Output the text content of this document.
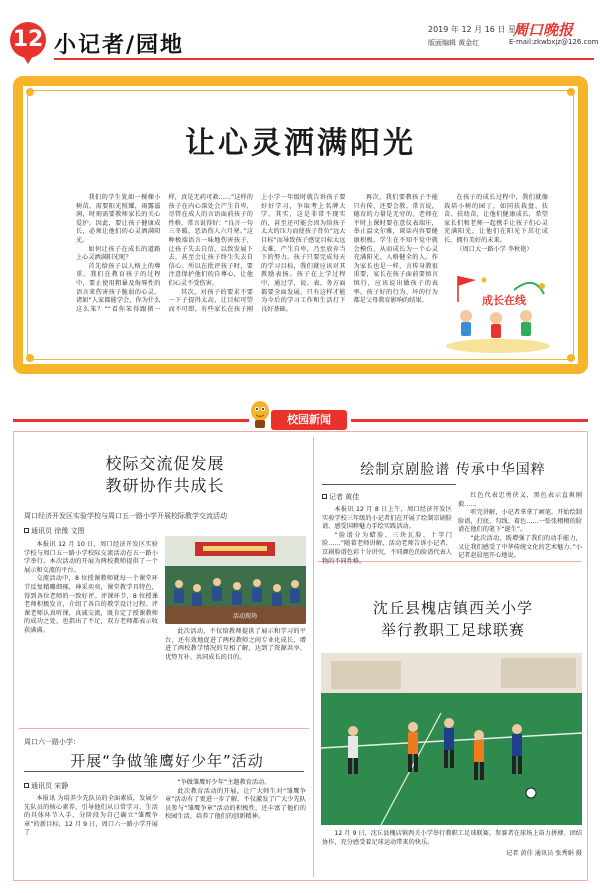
12 小记者/园地
2019 年 12 月 16 日 星期一
周口晚报
版面编辑 黄金红	E-mail:zkwbxjz@126.com
让心灵洒满阳光

我们的学生犹如一棵棵小树苗，需要阳光照耀，雨露滋润，时刻需要教师家长的关心爱护。因此，要让孩子健康成长，必须让他们的心灵洒满阳光。

如何让孩子在成长的道路上心灵洒满阳光呢？

首先给孩子以人格上的尊重。我们在教育孩子的过程中，要止使用粗暴及侮辱性的语言来伤害孩子脆弱的心灵。诸如“人家都能学会，你为什么这么笨？”“看你笨得跟猪一样，真是无药可救……”这样的孩子在内心深处会产生自卑，尽管在成人的言语面前孩子的性格，常言说得好：“良言一句三冬暖，恶语伤人六月寒。”这种极端语言一味地伤害孩子，让孩子失去自信，以致发展下去，甚至会让孩子终生失去自信心。所以在批评孩子时，要注意保护他们的自尊心，让他们心灵不受伤害。

其次，对孩子的要求不要一下子提得太高，让目标可望而不可即。有些家长在孩子刚上小学一年级时就告诉孩子要好好学习，争取考上名牌大学。其实，这是非常不现实的，甚至还可能会因为给孩子太大的压力而使孩子背负“远大目标”而导致孩子感觉目标太远太难，产生自卑，乃至放弃当下的努力。孩子只要完成每天的学习目标，我们就应该对其教励表扬。孩子在上学过程中，通过学，说、表、务方面都要全面发展。只有这样才能为今后的学习工作和生活打下良好基础。

再次，我们要教孩子不能只有传，还要会教。常言说，德育的力量是无穷的。老师在平时上课时要在意仪表端庄，举止温文尔雅，谈话内容要健康积极。学生在不知不觉中就会模仿，从而成长为一个心灵充满阳光、人格健全的人。作为家长也是一样，言传身教很重要，家长在孩子面前要慎言慎行，应该说出做孩子的表率。孩子好的行为、坏的行为都是父母教育影响的结果。

在孩子的成长过程中，我们就像栽培小树的园丁，如同扶栽盘、扶苗、扶幼苗，让他们健康成长，希望家长们和老师一起携手让孩子们心灵充满阳光，让他们在阳光下茁壮成长，拥有美好的未来。

（周口大一路小学 李秋艳）

成长在线
校园新闻
校际交流促发展
教研协作共成长
周口经济开发区实验学校与周口五一路小学开展校际教学交流活动
通讯员 徐豫 文图

本报讯 12 月 10 日，周口经济开发区实验学校与周口五一路小学校际交流活动在五一路小学举行。本次活动的开展为两校教师提供了一个展示和交流的平台。

交流活动中，8 位授课教师就每一个课堂环节反复精雕细琢，神采奕奕，课堂教学具特色，得到各位老师的一致好评。评课环节，8 位授课老师积极发言，介绍了各自的教学设计过程。评课老师认真听课，真诚交流，既肯定了授课教师的成功之处，也指出了不足，双方老师都表示收获满满。

活动现场

此次活动，不仅给教师提供了展示和学习的平台，还有效地促进了两校教师之间专业化成长，增进了两校教学情况的互相了解，达到了资源共享、优势互补、共同成长的目的。

周口六一路小学：
开展“争做雏鹰好少年”活动
通讯员 宋静

本报讯 为培养少先队员的全面素质，发展少先队员的核心素养，引导他们从日常学习、生活的具体环节入手，分阶段为自己确立“雏鹰争章”的新目标，12 月 9 日，周口六一路小学开展了

“争做雏鹰好少年”主题教育活动。

此次教育活动的开展，让广大师生对“雏鹰争章”活动有了更进一步了解，不仅激发了广大少先队员参与“雏鹰争章”活动的积极性，还丰富了他们的校园生活，培养了他们的创新精神。

绘制京剧脸谱 传承中华国粹
记者 黄佳

本报讯 12 月 8 日上午，周口经济开发区实验学校三年级的小记者们在开展了绘制京剧脸谱、感受国粹魅力手绘实践活动。

“脸谱分为蜡脸、三块瓦脸、十字门脸……”随着老师讲解，活动老师告诉小记者，京剧脸谱色彩十分讲究，不同颜色的脸谱代表人物的不同性格。

红色代表忠勇侠义，黑色表示直爽刚毅……

听完讲解，小记者拿拿了画笔，开始绘制脸谱，打底、勾线、着色……一张张栩栩的脸谱在他们的笔下“诞生”。

“此次活动，既增强了我们的动手能力，又让我们感受了中华传统文化的艺术魅力。”小记者赵晨旭开心地说。

沈丘县槐店镇西关小学
举行教职工足球联赛
12 月 9 日，沈丘县槐店镇西关小学举行教职工足球联赛。参赛者在球场上奋力拼搏、团结协作，充分感受着足球运动带来的快乐。
记者 黄佳 通讯员 张秀娟 摄
